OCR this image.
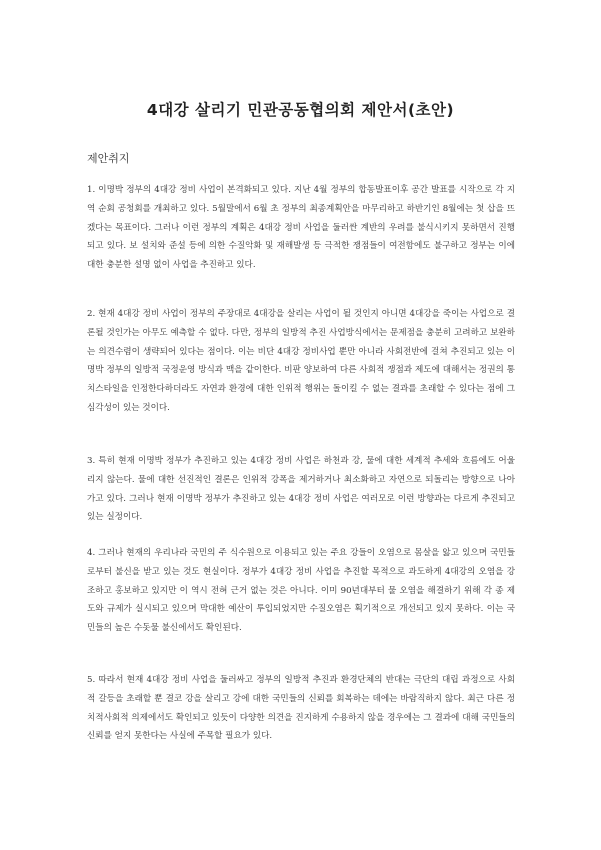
4대강 살리기 민관공동협의회 제안서(초안)
제안취지

1. 이명박 정부의 4대강 정비 사업이 본격화되고 있다. 지난 4월 정부의 합동발표이후 공간 발표를 시작으로 각 지역 순회 공청회를 개최하고 있다. 5월말에서 6월 초 정부의 최종계획안을 마무리하고 하반기인 8월에는 첫 삽을 뜨겠다는 목표이다. 그러나 이런 정부의 계획은 4대강 정비 사업을 둘러싼 계반의 우려를 불식시키지 못하면서 진행되고 있다. 보 설치와 준설 등에 의한 수질악화 및 재해발생 등 극적한 쟁점들이 여전함에도 불구하고 정부는 이에 대한 충분한 설명 없이 사업을 추진하고 있다.

2. 현재 4대강 정비 사업이 정부의 주장대로 4대강을 살리는 사업이 될 것인지 아니면 4대강을 죽이는 사업으로 결론될 것인가는 아무도 예측할 수 없다. 다만, 정부의 일방적 추진 사업방식에서는 문제점을 충분히 고려하고 보완하는 의견수렴이 생략되어 있다는 점이다. 이는 비단 4대강 정비사업 뿐만 아니라 사회전반에 걸쳐 추진되고 있는 이명박 정부의 일방적 국정운영 방식과 맥을 같이한다. 비판 양보하여 다른 사회적 쟁점과 제도에 대해서는 정권의 통치스타일을 인정한다하더라도 자연과 환경에 대한 인위적 행위는 돌이킬 수 없는 결과를 초래할 수 있다는 점에 그 심각성이 있는 것이다.

3. 특히 현재 이명박 정부가 추진하고 있는 4대강 정비 사업은 하천과 강, 물에 대한 세계적 추세와 흐름에도 어울리지 않는다. 물에 대한 선진적인 결론은 인위적 강폭을 제거하거나 최소화하고 자연으로 되돌리는 방향으로 나아가고 있다. 그러나 현재 이명박 정부가 추진하고 있는 4대강 정비 사업은 여러모로 이런 방향과는 다르게 추진되고 있는 실정이다.

4. 그러나 현재의 우리나라 국민의 주 식수원으로 이용되고 있는 주요 강들이 오염으로 몸살을 앓고 있으며 국민들로부터 불신을 받고 있는 것도 현실이다. 정부가 4대강 정비 사업을 추진할 목적으로 과도하게 4대강의 오염을 강조하고 홍보하고 있지만 이 역시 전혀 근거 없는 것은 아니다. 이미 90년대부터 물 오염을 해결하기 위해 각 종 제도와 규제가 실시되고 있으며 막대한 예산이 투입되었지만 수질오염은 획기적으로 개선되고 있지 못하다. 이는 국민들의 높은 수돗물 불신에서도 확인된다.

5. 따라서 현재 4대강 정비 사업을 둘러싸고 정부의 일방적 추진과 환경단체의 반대는 극단의 대립 과정으로 사회적 갈등을 초래할 뿐 결코 강을 살리고 강에 대한 국민들의 신뢰를 회복하는 데에는 바람직하지 않다. 최근 다른 정치적사회적 의제에서도 확인되고 있듯이 다양한 의견을 진지하게 수용하지 않을 경우에는 그 결과에 대해 국민들의 신뢰를 얻지 못한다는 사실에 주목할 필요가 있다.
